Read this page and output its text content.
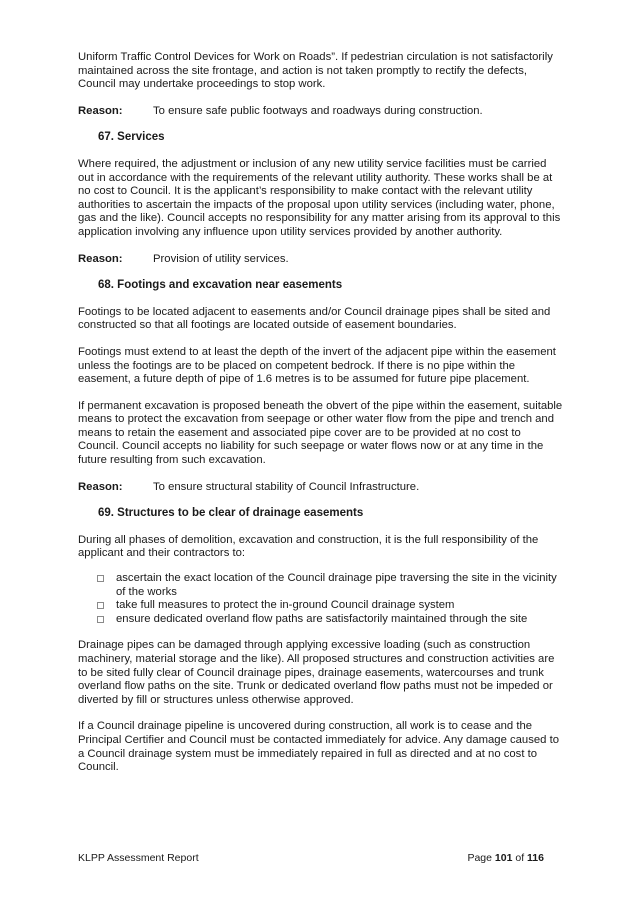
Uniform Traffic Control Devices for Work on Roads”. If pedestrian circulation is not satisfactorily maintained across the site frontage, and action is not taken promptly to rectify the defects, Council may undertake proceedings to stop work.

Reason:	To ensure safe public footways and roadways during construction.
67. Services

Where required, the adjustment or inclusion of any new utility service facilities must be carried out in accordance with the requirements of the relevant utility authority. These works shall be at no cost to Council. It is the applicant’s responsibility to make contact with the relevant utility authorities to ascertain the impacts of the proposal upon utility services (including water, phone, gas and the like). Council accepts no responsibility for any matter arising from its approval to this application involving any influence upon utility services provided by another authority.

Reason:	Provision of utility services.
68. Footings and excavation near easements

Footings to be located adjacent to easements and/or Council drainage pipes shall be sited and constructed so that all footings are located outside of easement boundaries.

Footings must extend to at least the depth of the invert of the adjacent pipe within the easement unless the footings are to be placed on competent bedrock. If there is no pipe within the easement, a future depth of pipe of 1.6 metres is to be assumed for future pipe placement.

If permanent excavation is proposed beneath the obvert of the pipe within the easement, suitable means to protect the excavation from seepage or other water flow from the pipe and trench and means to retain the easement and associated pipe cover are to be provided at no cost to Council. Council accepts no liability for such seepage or water flows now or at any time in the future resulting from such excavation.

Reason:	To ensure structural stability of Council Infrastructure.
69. Structures to be clear of drainage easements

During all phases of demolition, excavation and construction, it is the full responsibility of the applicant and their contractors to:

ascertain the exact location of the Council drainage pipe traversing the site in the vicinity of the works
take full measures to protect the in-ground Council drainage system
ensure dedicated overland flow paths are satisfactorily maintained through the site

Drainage pipes can be damaged through applying excessive loading (such as construction machinery, material storage and the like). All proposed structures and construction activities are to be sited fully clear of Council drainage pipes, drainage easements, watercourses and trunk overland flow paths on the site. Trunk or dedicated overland flow paths must not be impeded or diverted by fill or structures unless otherwise approved.

If a Council drainage pipeline is uncovered during construction, all work is to cease and the Principal Certifier and Council must be contacted immediately for advice. Any damage caused to a Council drainage system must be immediately repaired in full as directed and at no cost to Council.

KLPP Assessment Report	Page 101 of 116
